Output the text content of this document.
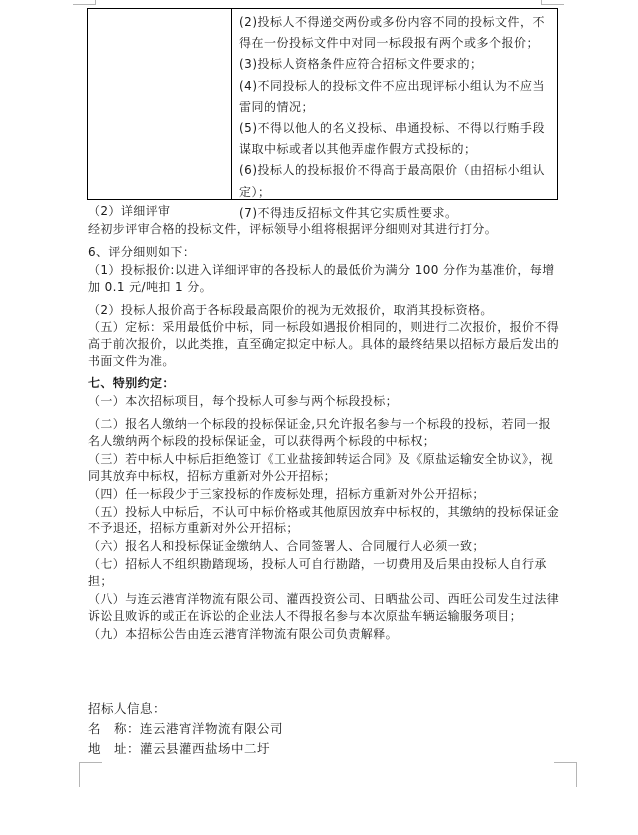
(2)投标人不得递交两份或多份内容不同的投标文件，不得在一份投标文件中对同一标段报有两个或多个报价；

(3)投标人资格条件应符合招标文件要求的；

(4)不同投标人的投标文件不应出现评标小组认为不应当雷同的情况；

(5)不得以他人的名义投标、串通投标、不得以行贿手段谋取中标或者以其他弄虚作假方式投标的；

(6)投标人的投标报价不得高于最高限价（由招标小组认定）；

(7)不得违反招标文件其它实质性要求。

（2）详细评审

经初步评审合格的投标文件，评标领导小组将根据评分细则对其进行打分。

6、评分细则如下：

（1）投标报价:以进入详细评审的各投标人的最低价为满分 100 分作为基准价，每增加 0.1 元/吨扣 1 分。

（2）投标人报价高于各标段最高限价的视为无效报价，取消其投标资格。

（五）定标：采用最低价中标，同一标段如遇报价相同的，则进行二次报价，报价不得高于前次报价，以此类推，直至确定拟定中标人。具体的最终结果以招标方最后发出的书面文件为准。

七、特别约定：

（一）本次招标项目，每个投标人可参与两个标段投标；

（二）报名人缴纳一个标段的投标保证金,只允许报名参与一个标段的投标，若同一报名人缴纳两个标段的投标保证金，可以获得两个标段的中标权；

（三）若中标人中标后拒绝签订《工业盐接卸转运合同》及《原盐运输安全协议》，视同其放弃中标权，招标方重新对外公开招标；

（四）任一标段少于三家投标的作废标处理，招标方重新对外公开招标；

（五）投标人中标后，不认可中标价格或其他原因放弃中标权的，其缴纳的投标保证金不予退还，招标方重新对外公开招标；

（六）报名人和投标保证金缴纳人、合同签署人、合同履行人必须一致；

（七）招标人不组织勘踏现场，投标人可自行勘踏，一切费用及后果由投标人自行承担；

（八）与连云港宵洋物流有限公司、灌西投资公司、日晒盐公司、西旺公司发生过法律诉讼且败诉的或正在诉讼的企业法人不得报名参与本次原盐车辆运输服务项目；

（九）本招标公告由连云港宵洋物流有限公司负责解释。

招标人信息：

名　称：连云港宵洋物流有限公司

地　址：灌云县灌西盐场中二圩
